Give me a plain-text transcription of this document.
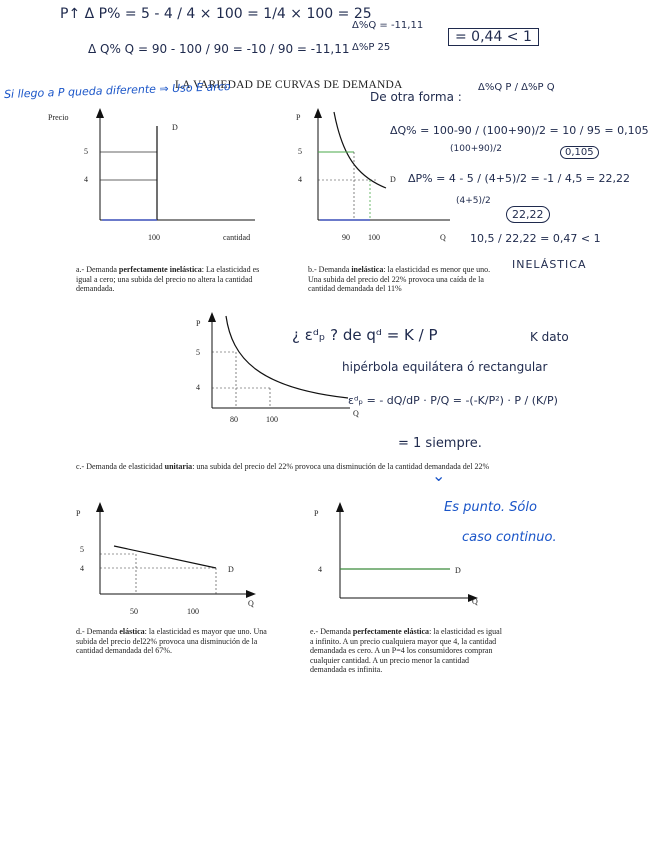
LA VARIEDAD DE CURVAS DE DEMANDA
P↑ Δ P% = 5 - 4 / 4 × 100 = 1/4 × 100 = 25
Δ Q% Q = 90 - 100 / 90 = -10 / 90 = -11,11
Δ%Q = -11,11
Δ%P 25
= 0,44 < 1
Si llego a P queda diferente ⇒ Uso E arco	De otra forma :
Δ%Q P / Δ%P Q
ΔQ% = 100-90 / (100+90)/2 = 10 / 95 = 0,105
(100+90)/2	0,105
ΔP% = 4 - 5 / (4+5)/2 = -1 / 4,5 = 22,22
(4+5)/2
22,22
10,5 / 22,22 = 0,47 < 1
INELÁSTICA
¿ εᵈₚ ? de qᵈ = K / P	K dato
hipérbola equilátera ó rectangular
εᵈₚ = - dQ/dP · P/Q = -(-K/P²) · P / (K/P)
= 1 siempre.
⌄
Es punto. Sólo
caso continuo.
Precio
5
4
D
100	cantidad
a.- Demanda perfectamente inelástica: La elasticidad es igual a cero; una subida del precio no altera la cantidad demandada.
P
5
4	D
90 100	Q
b.- Demanda inelástica: la elasticidad es menor que uno. Una subida del precio del 22% provoca una caída de la cantidad demandada del 11%
P
5
4
80	100
Q
c.- Demanda de elasticidad unitaria: una subida del precio del 22% provoca una disminución de la cantidad demandada del 22%
P
5
4	D
50	100
Q
d.- Demanda elástica: la elasticidad es mayor que uno. Una subida del precio del22% provoca una disminución de la cantidad demandada del 67%.
P
4	D
Q
e.- Demanda perfectamente elástica: la elasticidad es igual a infinito. A un precio cualquiera mayor que 4, la cantidad demandada es cero. A un P=4 los consumidores compran cualquier cantidad. A un precio menor la cantidad demandada es infinita.
